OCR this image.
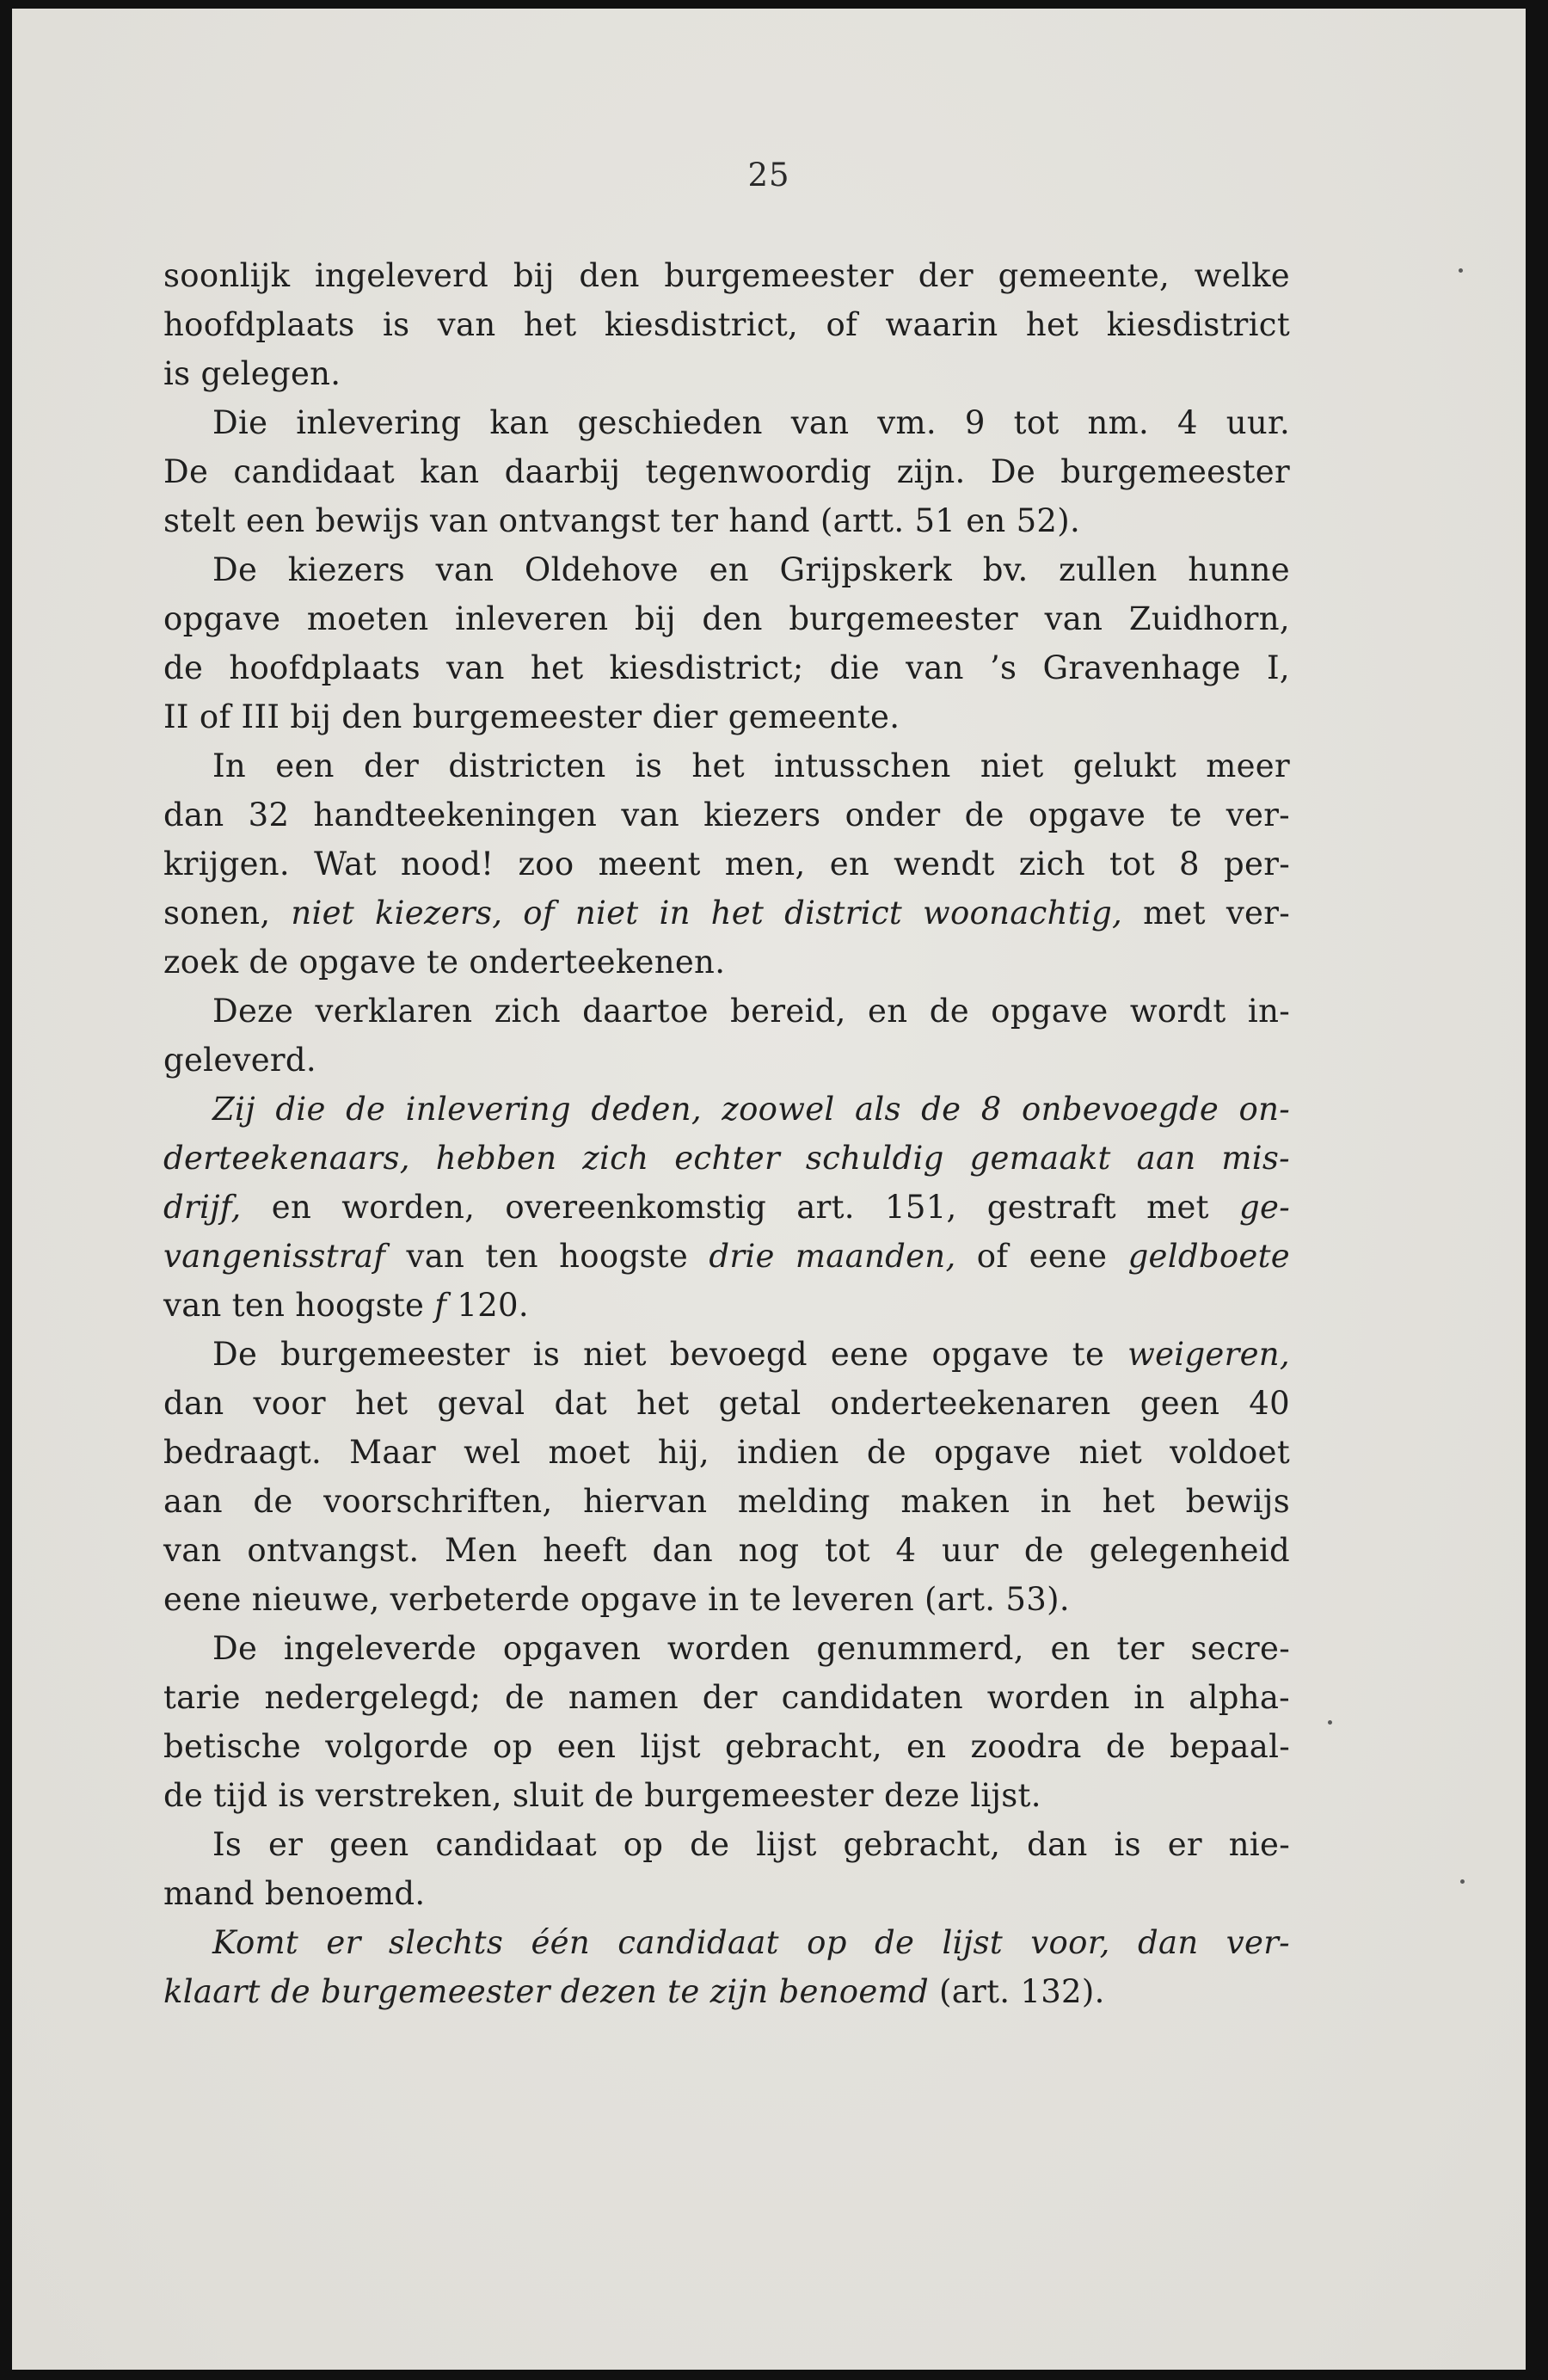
25
soonlijk ingeleverd bij den burgemeester der gemeente, welke
hoofdplaats is van het kiesdistrict, of waarin het kiesdistrict
is gelegen.
Die inlevering kan geschieden van vm. 9 tot nm. 4 uur.
De candidaat kan daarbij tegenwoordig zijn. De burgemeester
stelt een bewijs van ontvangst ter hand (artt. 51 en 52).
De kiezers van Oldehove en Grijpskerk bv. zullen hunne
opgave moeten inleveren bij den burgemeester van Zuidhorn,
de hoofdplaats van het kiesdistrict; die van ’s Gravenhage I,
II of III bij den burgemeester dier gemeente.
In een der districten is het intusschen niet gelukt meer
dan 32 handteekeningen van kiezers onder de opgave te ver-
krijgen. Wat nood! zoo meent men, en wendt zich tot 8 per-
sonen, niet kiezers, of niet in het district woonachtig, met ver-
zoek de opgave te onderteekenen.
Deze verklaren zich daartoe bereid, en de opgave wordt in-
geleverd.
Zij die de inlevering deden, zoowel als de 8 onbevoegde on-
derteekenaars, hebben zich echter schuldig gemaakt aan mis-
drijf, en worden, overeenkomstig art. 151, gestraft met ge-
vangenisstraf van ten hoogste drie maanden, of eene geldboete
van ten hoogste f 120.
De burgemeester is niet bevoegd eene opgave te weigeren,
dan voor het geval dat het getal onderteekenaren geen 40
bedraagt. Maar wel moet hij, indien de opgave niet voldoet
aan de voorschriften, hiervan melding maken in het bewijs
van ontvangst. Men heeft dan nog tot 4 uur de gelegenheid
eene nieuwe, verbeterde opgave in te leveren (art. 53).
De ingeleverde opgaven worden genummerd, en ter secre-
tarie nedergelegd; de namen der candidaten worden in alpha-
betische volgorde op een lijst gebracht, en zoodra de bepaal-
de tijd is verstreken, sluit de burgemeester deze lijst.
Is er geen candidaat op de lijst gebracht, dan is er nie-
mand benoemd.
Komt er slechts één candidaat op de lijst voor, dan ver-
klaart de burgemeester dezen te zijn benoemd (art. 132).
